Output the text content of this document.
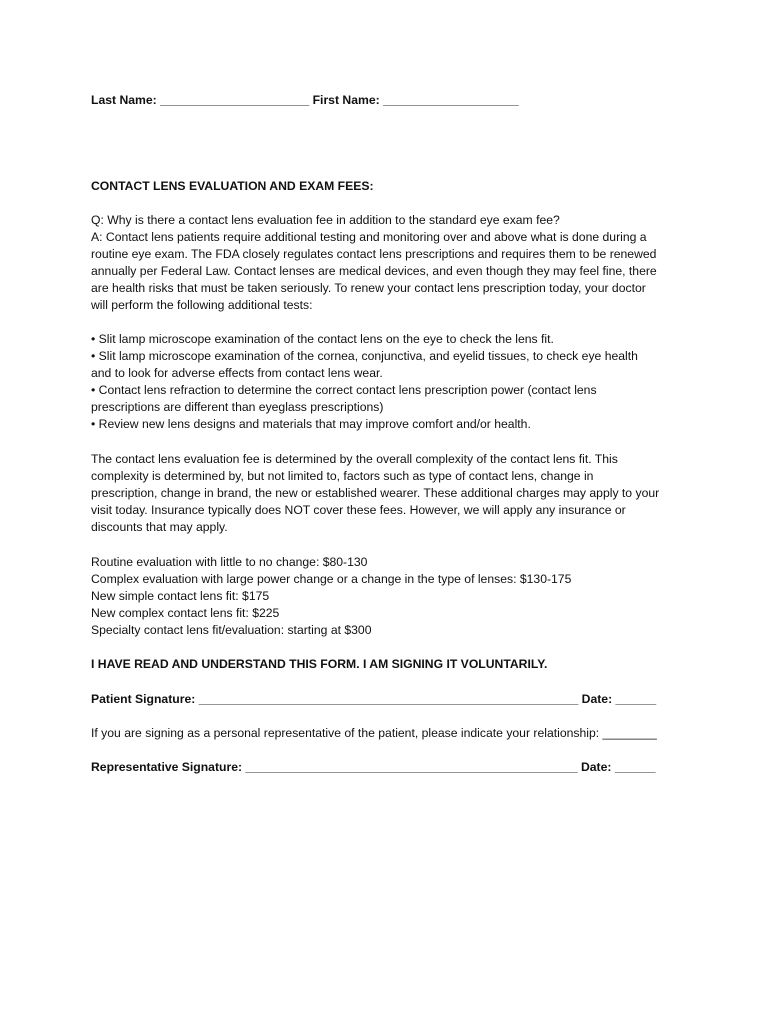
Last Name: ______________________ First Name: ____________________
CONTACT LENS EVALUATION AND EXAM FEES:

Q: Why is there a contact lens evaluation fee in addition to the standard eye exam fee?

A: Contact lens patients require additional testing and monitoring over and above what is done during a

routine eye exam. The FDA closely regulates contact lens prescriptions and requires them to be renewed

annually per Federal Law. Contact lenses are medical devices, and even though they may feel fine, there

are health risks that must be taken seriously. To renew your contact lens prescription today, your doctor

will perform the following additional tests:

• Slit lamp microscope examination of the contact lens on the eye to check the lens fit.

• Slit lamp microscope examination of the cornea, conjunctiva, and eyelid tissues, to check eye health

and to look for adverse effects from contact lens wear.

• Contact lens refraction to determine the correct contact lens prescription power (contact lens

prescriptions are different than eyeglass prescriptions)

• Review new lens designs and materials that may improve comfort and/or health.

The contact lens evaluation fee is determined by the overall complexity of the contact lens fit. This

complexity is determined by, but not limited to, factors such as type of contact lens, change in

prescription, change in brand, the new or established wearer. These additional charges may apply to your

visit today. Insurance typically does NOT cover these fees. However, we will apply any insurance or

discounts that may apply.

Routine evaluation with little to no change: $80-130

Complex evaluation with large power change or a change in the type of lenses: $130-175

New simple contact lens fit: $175

New complex contact lens fit: $225

Specialty contact lens fit/evaluation: starting at $300

I HAVE READ AND UNDERSTAND THIS FORM. I AM SIGNING IT VOLUNTARILY.
Patient Signature: ________________________________________________________ Date: ______
If you are signing as a personal representative of the patient, please indicate your relationship: ________
Representative Signature: _________________________________________________ Date: ______
